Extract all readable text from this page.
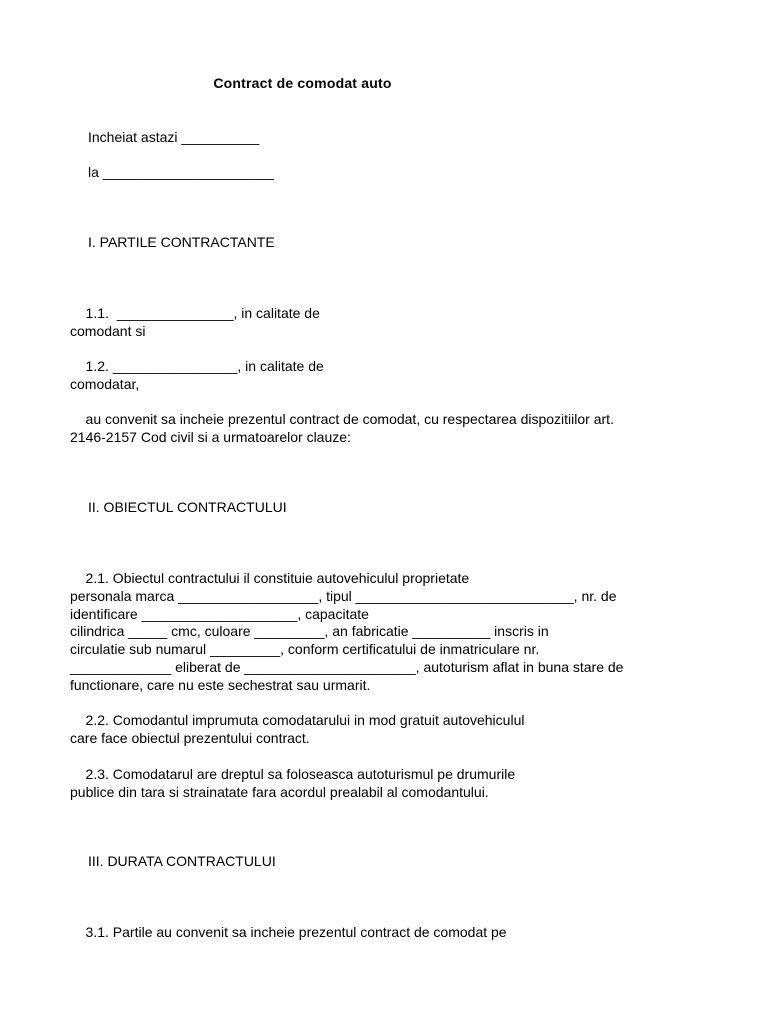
Contract de comodat auto
Incheiat astazi __________
la ______________________
I. PARTILE CONTRACTANTE
1.1.  _______________, in calitate de
comodant si
1.2. ________________, in calitate de
comodatar,
au convenit sa incheie prezentul contract de comodat, cu respectarea dispozitiilor art.
2146-2157 Cod civil si a urmatoarelor clauze:
II. OBIECTUL CONTRACTULUI
2.1. Obiectul contractului il constituie autovehiculul proprietate
personala marca __________________, tipul ____________________________, nr. de
identificare ____________________, capacitate
cilindrica _____ cmc, culoare _________, an fabricatie __________ inscris in
circulatie sub numarul _________, conform certificatului de inmatriculare nr.
_____________ eliberat de ______________________, autoturism aflat in buna stare de
functionare, care nu este sechestrat sau urmarit.
2.2. Comodantul imprumuta comodatarului in mod gratuit autovehiculul
care face obiectul prezentului contract.
2.3. Comodatarul are dreptul sa foloseasca autoturismul pe drumurile
publice din tara si strainatate fara acordul prealabil al comodantului.
III. DURATA CONTRACTULUI
3.1. Partile au convenit sa incheie prezentul contract de comodat pe
